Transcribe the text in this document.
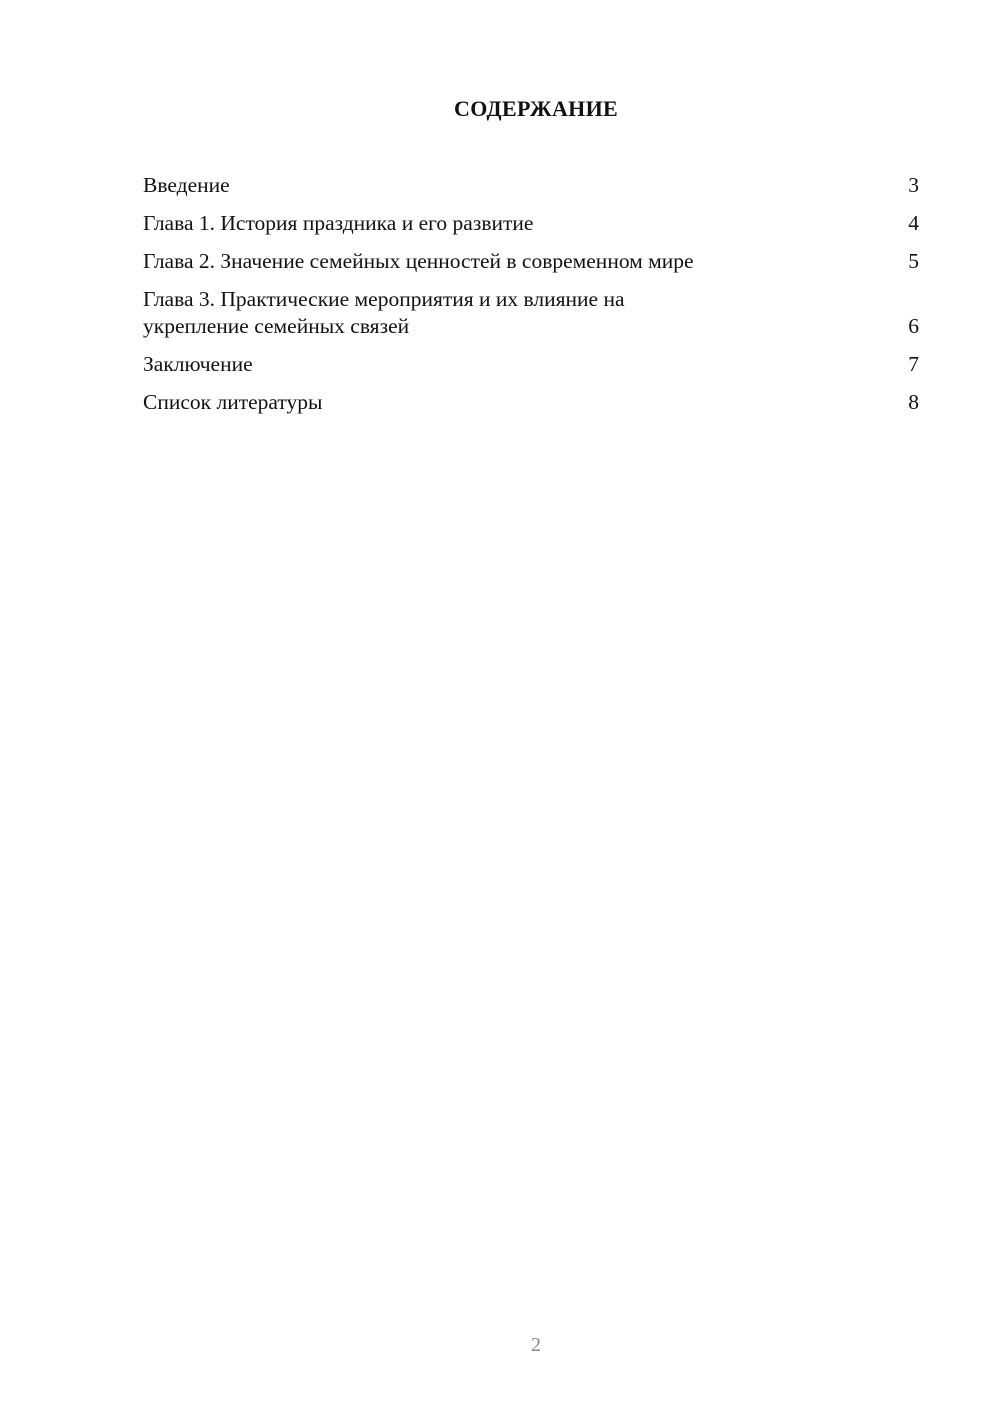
СОДЕРЖАНИЕ
Введение	3
Глава 1. История праздника и его развитие	4
Глава 2. Значение семейных ценностей в современном мире	5
Глава 3. Практические мероприятия и их влияние на укрепление семейных связей	6
Заключение	7
Список литературы	8
2
